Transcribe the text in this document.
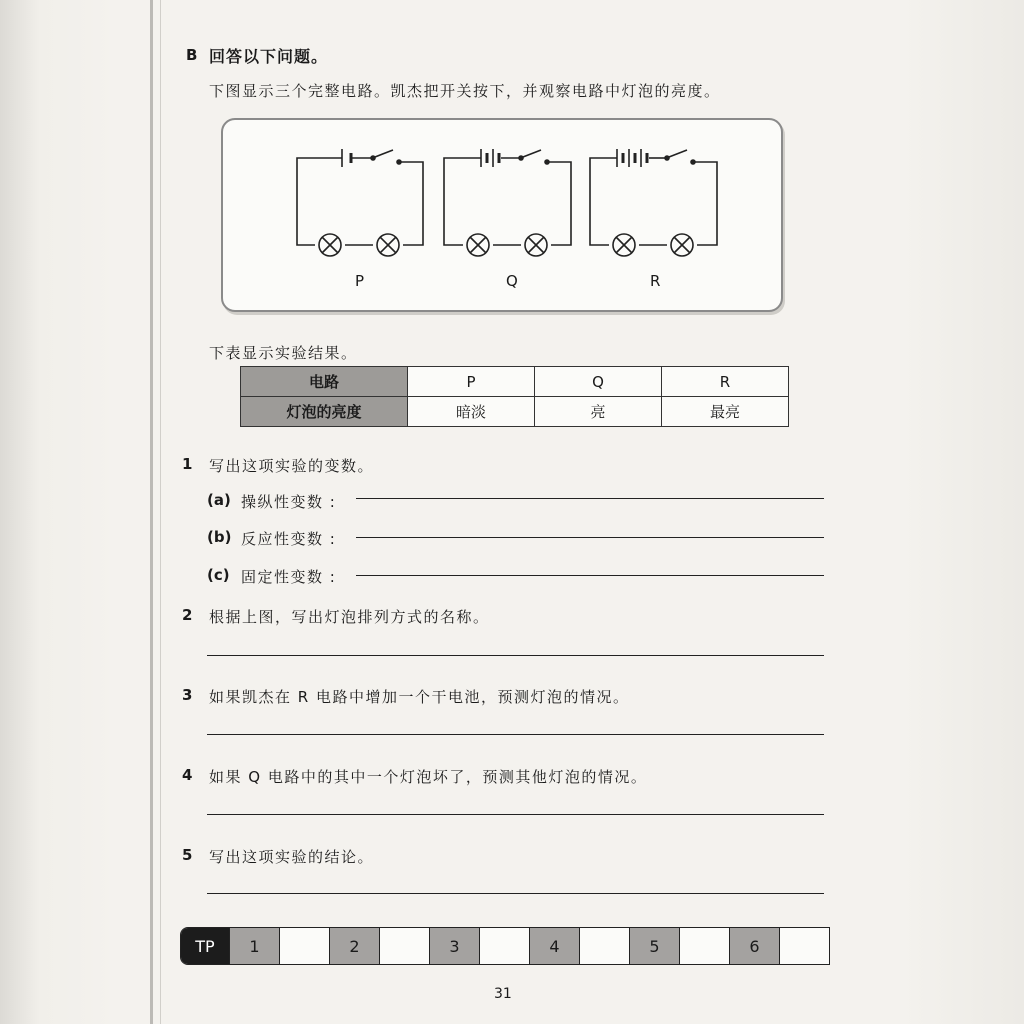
B 回答以下问题。
下图显示三个完整电路。凯杰把开关按下，并观察电路中灯泡的亮度。
P	Q	R
下表显示实验结果。
电路	P	Q	R
灯泡的亮度	暗淡	亮	最亮
1 写出这项实验的变数。
(a) 操纵性变数 :
(b) 反应性变数 :
(c) 固定性变数 :
2 根据上图，写出灯泡排列方式的名称。
3 如果凯杰在 R 电路中增加一个干电池，预测灯泡的情况。
4 如果 Q 电路中的其中一个灯泡坏了，预测其他灯泡的情况。
5 写出这项实验的结论。
TP	1	2	3	4	5	6
31
